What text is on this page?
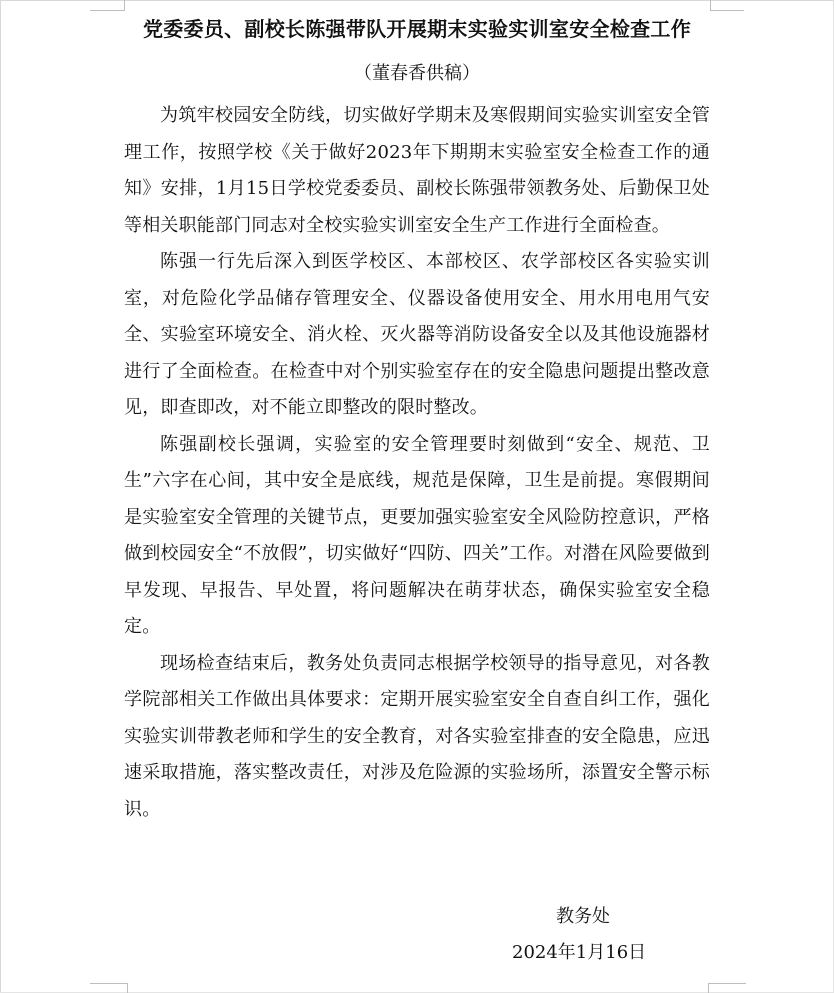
党委委员、副校长陈强带队开展期末实验实训室安全检查工作
（董春香供稿）

为筑牢校园安全防线，切实做好学期末及寒假期间实验实训室安全管理工作，按照学校《关于做好2023年下期期末实验室安全检查工作的通知》安排，1月15日学校党委委员、副校长陈强带领教务处、后勤保卫处等相关职能部门同志对全校实验实训室安全生产工作进行全面检查。

陈强一行先后深入到医学校区、本部校区、农学部校区各实验实训室，对危险化学品储存管理安全、仪器设备使用安全、用水用电用气安全、实验室环境安全、消火栓、灭火器等消防设备安全以及其他设施器材进行了全面检查。在检查中对个别实验室存在的安全隐患问题提出整改意见，即查即改，对不能立即整改的限时整改。

陈强副校长强调，实验室的安全管理要时刻做到“安全、规范、卫生”六字在心间，其中安全是底线，规范是保障，卫生是前提。寒假期间是实验室安全管理的关键节点，更要加强实验室安全风险防控意识，严格做到校园安全“不放假”，切实做好“四防、四关”工作。对潜在风险要做到早发现、早报告、早处置，将问题解决在萌芽状态，确保实验室安全稳定。

现场检查结束后，教务处负责同志根据学校领导的指导意见，对各教学院部相关工作做出具体要求：定期开展实验室安全自查自纠工作，强化实验实训带教老师和学生的安全教育，对各实验室排查的安全隐患，应迅速采取措施，落实整改责任，对涉及危险源的实验场所，添置安全警示标识。

教务处
2024年1月16日
